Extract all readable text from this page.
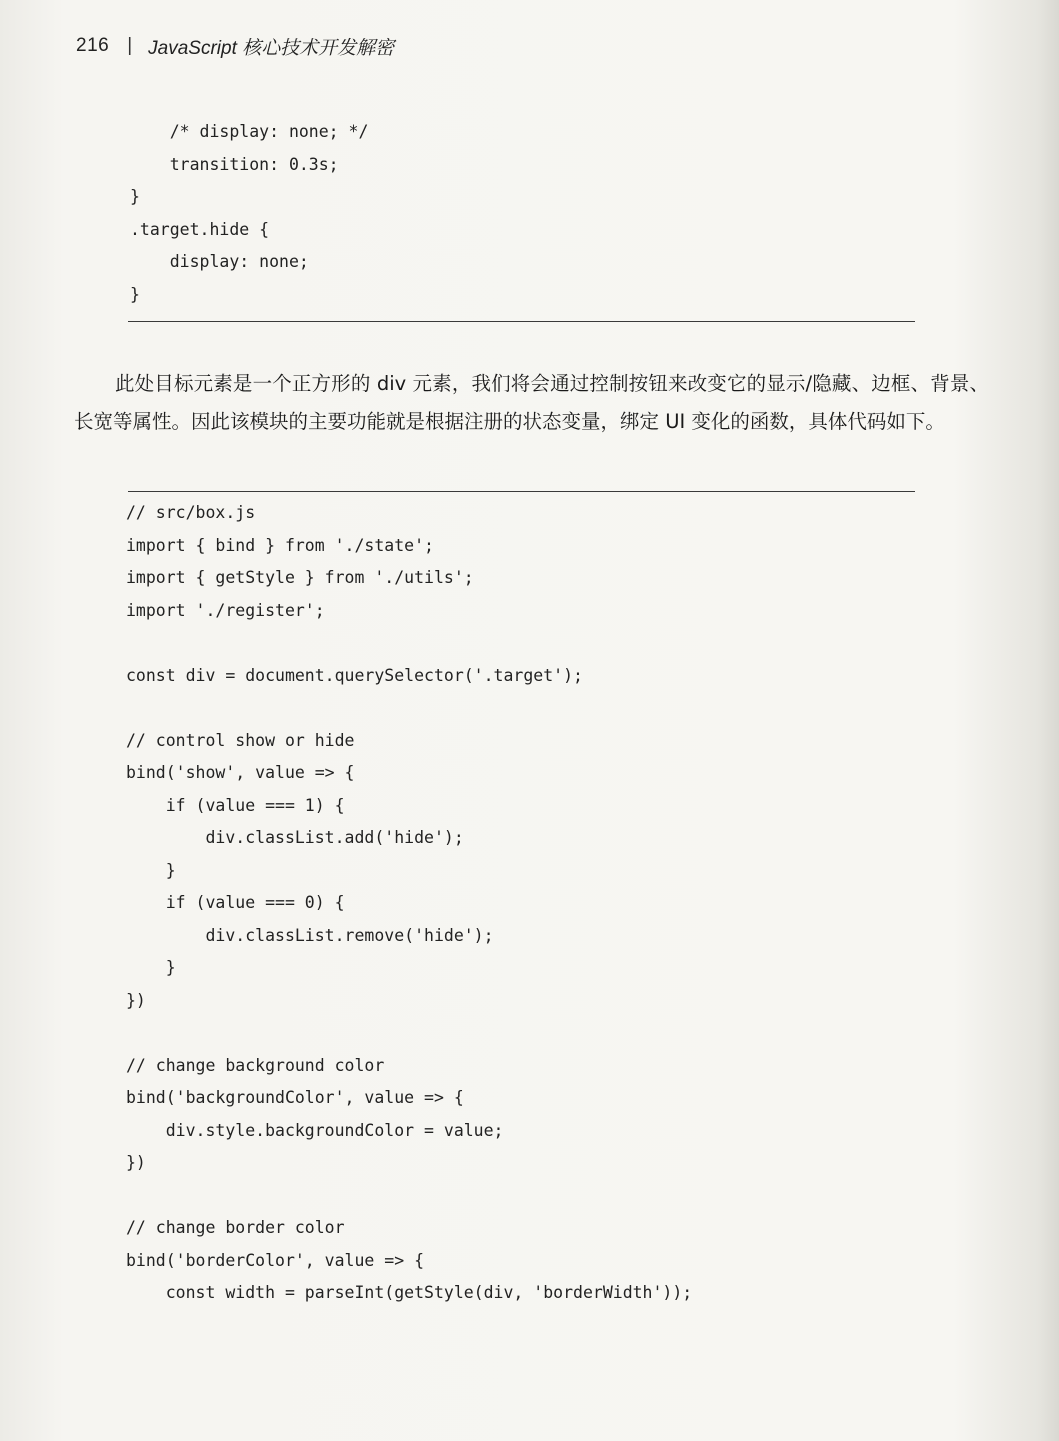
216 | JavaScript 核心技术开发解密
/* display: none; */
transition: 0.3s;
}
.target.hide {
display: none;
}

此处目标元素是一个正方形的 div 元素，我们将会通过控制按钮来改变它的显示/隐藏、边框、背景、长宽等属性。因此该模块的主要功能就是根据注册的状态变量，绑定 UI 变化的函数，具体代码如下。

// src/box.js
import { bind } from './state';
import { getStyle } from './utils';
import './register';
const div = document.querySelector('.target');
// control show or hide
bind('show', value => {
if (value === 1) {
div.classList.add('hide');
}
if (value === 0) {
div.classList.remove('hide');
}
})
// change background color
bind('backgroundColor', value => {
div.style.backgroundColor = value;
})
// change border color
bind('borderColor', value => {
const width = parseInt(getStyle(div, 'borderWidth'));
